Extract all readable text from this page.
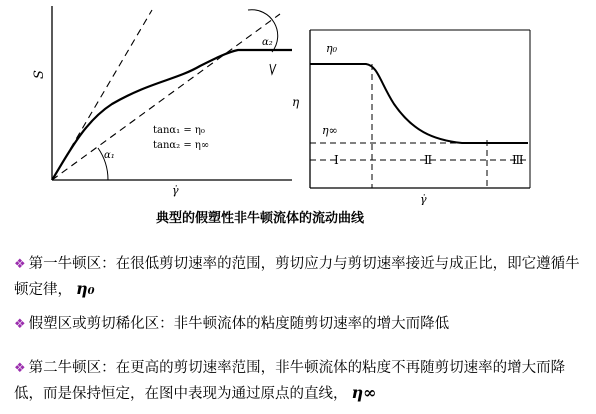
α₁
α₂
S
γ̇
tanα₁ = η₀
tanα₂ = η∞
Ⅰ	Ⅱ	Ⅲ
η₀
η∞
η
γ̇
典型的假塑性非牛顿流体的流动曲线
❖ 第一牛顿区：在很低剪切速率的范围，剪切应力与剪切速率接近与成正比，即它遵循牛顿定律， η₀
❖ 假塑区或剪切稀化区：非牛顿流体的粘度随剪切速率的增大而降低
❖ 第二牛顿区：在更高的剪切速率范围，非牛顿流体的粘度不再随剪切速率的增大而降低，而是保持恒定，在图中表现为通过原点的直线， η∞
